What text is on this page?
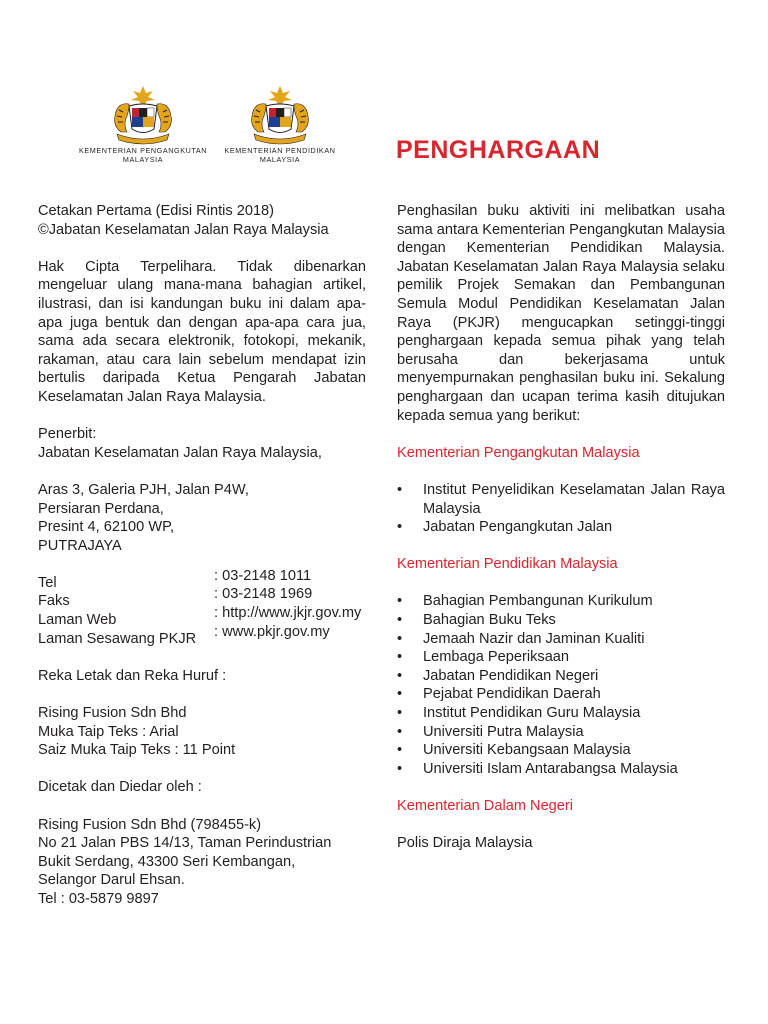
KEMENTERIAN PENGANGKUTAN
MALAYSIA
KEMENTERIAN PENDIDIKAN
MALAYSIA	PENGHARGAAN

Cetakan Pertama (Edisi Rintis 2018)

©Jabatan Keselamatan Jalan Raya Malaysia

Hak Cipta Terpelihara. Tidak dibenarkan mengeluar ulang mana-mana bahagian artikel, ilustrasi, dan isi kandungan buku ini dalam apa-apa juga bentuk dan dengan apa-apa cara jua, sama ada secara elektronik, fotokopi, mekanik, rakaman, atau cara lain sebelum mendapat izin bertulis daripada Ketua Pengarah Jabatan Keselamatan Jalan Raya Malaysia.

Penerbit:

Jabatan Keselamatan Jalan Raya Malaysia,

Aras 3, Galeria PJH, Jalan P4W,

Persiaran Perdana,

Presint 4, 62100 WP,

PUTRAJAYA

Tel	: 03-2148 1011
Faks	: 03-2148 1969
Laman Web	: http://www.jkjr.gov.my
Laman Sesawang PKJR	: www.pkjr.gov.my

Reka Letak dan Reka Huruf :

Rising Fusion Sdn Bhd

Muka Taip Teks : Arial

Saiz Muka Taip Teks : 11 Point

Dicetak dan Diedar oleh :

Rising Fusion Sdn Bhd (798455-k)

No 21 Jalan PBS 14/13, Taman Perindustrian

Bukit Serdang, 43300 Seri Kembangan,

Selangor Darul Ehsan.

Tel : 03-5879 9897

Penghasilan buku aktiviti ini melibatkan usaha sama antara Kementerian Pengangkutan Malaysia dengan Kementerian Pendidikan Malaysia. Jabatan Keselamatan Jalan Raya Malaysia selaku pemilik Projek Semakan dan Pembangunan Semula Modul Pendidikan Keselamatan Jalan Raya (PKJR) mengucapkan setinggi-tinggi penghargaan kepada semua pihak yang telah berusaha dan bekerjasama untuk menyempurnakan penghasilan buku ini. Sekalung penghargaan dan ucapan terima kasih ditujukan kepada semua yang berikut:

Kementerian Pengangkutan Malaysia

• Institut Penyelidikan Keselamatan Jalan Raya Malaysia
• Jabatan Pengangkutan Jalan

Kementerian Pendidikan Malaysia

• Bahagian Pembangunan Kurikulum
• Bahagian Buku Teks
• Jemaah Nazir dan Jaminan Kualiti
• Lembaga Peperiksaan
• Jabatan Pendidikan Negeri
• Pejabat Pendidikan Daerah
• Institut Pendidikan Guru Malaysia
• Universiti Putra Malaysia
• Universiti Kebangsaan Malaysia
• Universiti Islam Antarabangsa Malaysia

Kementerian Dalam Negeri

Polis Diraja Malaysia
